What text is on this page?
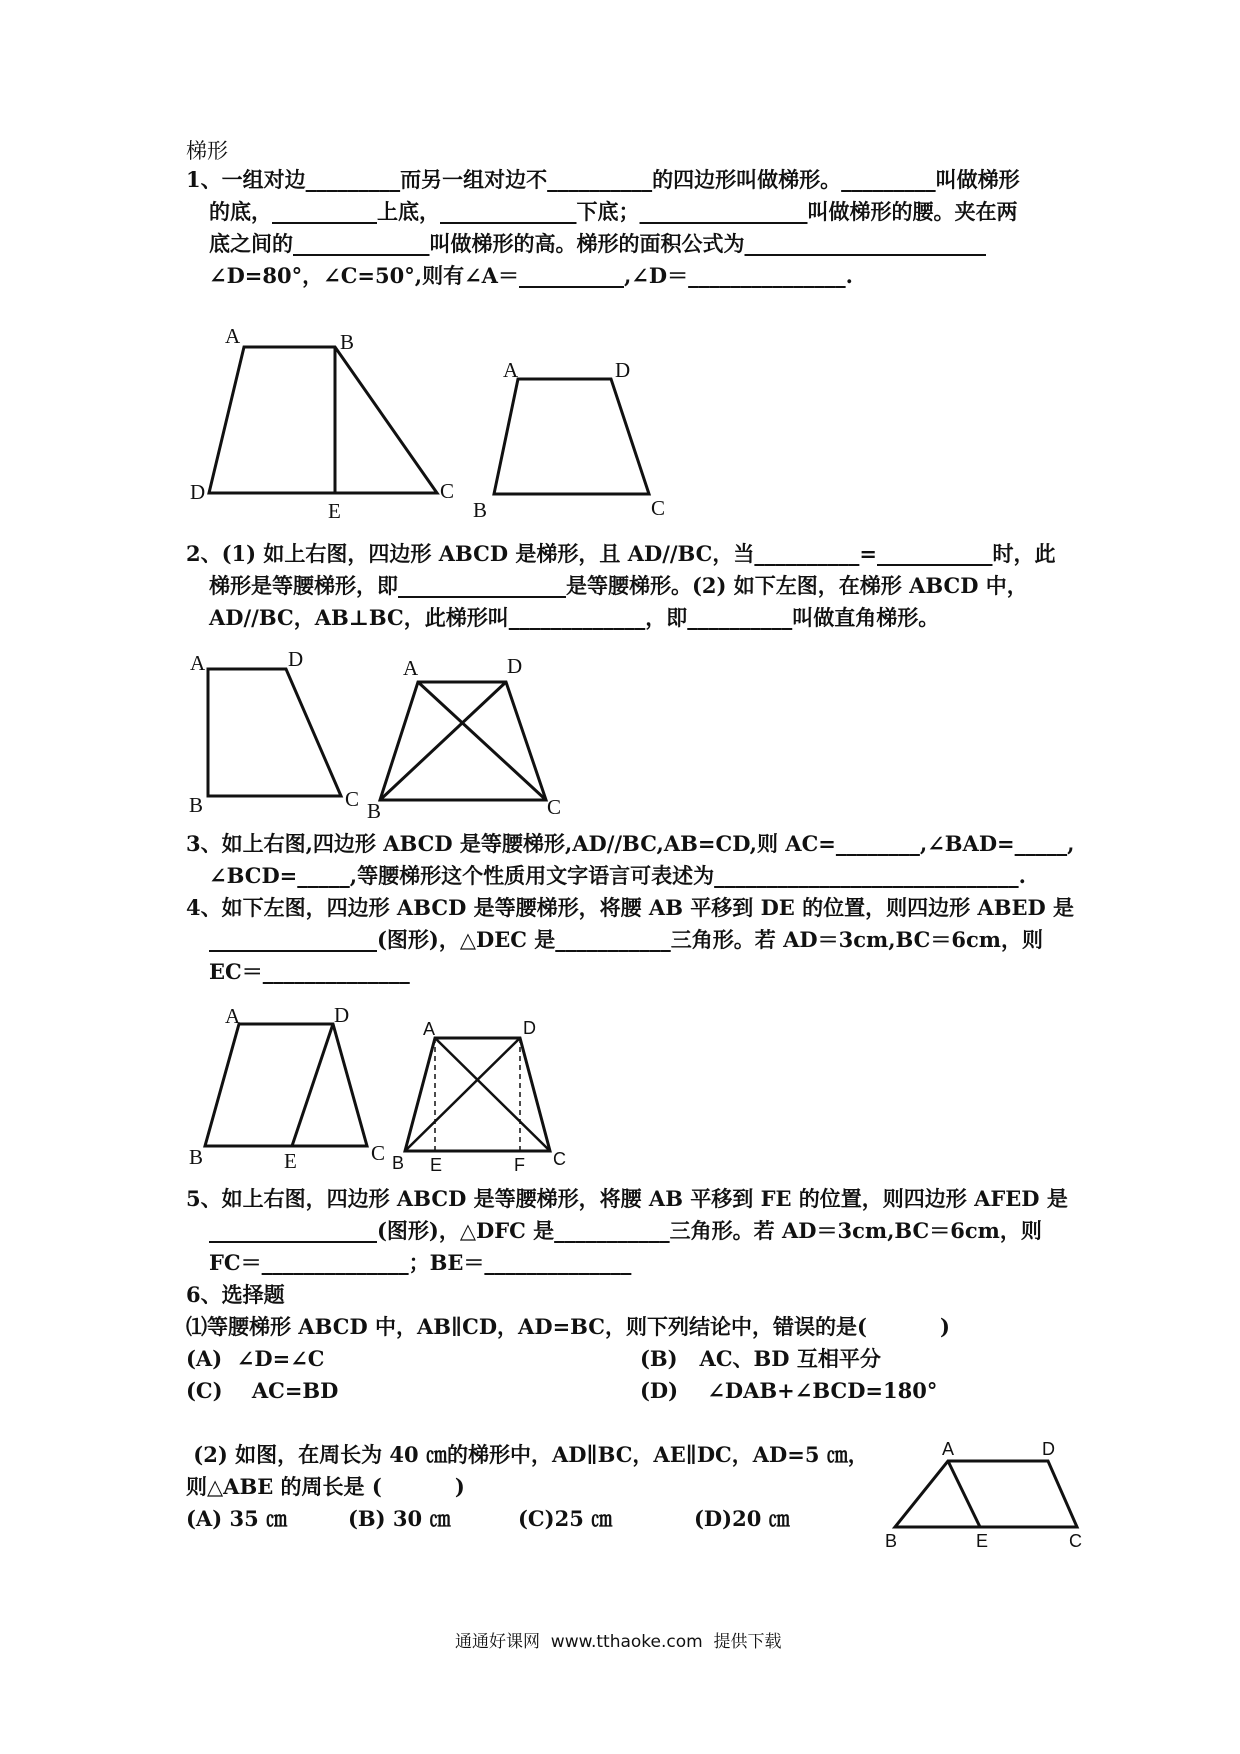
梯形
1、一组对边_________而另一组对边不__________的四边形叫做梯形。_________叫做梯形
的底，__________上底，_____________下底；________________叫做梯形的腰。夹在两
底之间的_____________叫做梯形的高。梯形的面积公式为_______________________
∠D=80°，∠C=50°,则有∠A＝__________,∠D＝_______________.
A	B
C
D
E
A	D
B	C
2、(1) 如上右图，四边形 ABCD 是梯形，且 AD//BC，当__________=___________时，此
梯形是等腰梯形，即________________是等腰梯形。(2) 如下左图，在梯形 ABCD 中，
AD//BC，AB⊥BC，此梯形叫_____________，即__________叫做直角梯形。
A	D
B	C
A	D
B	C
3、如上右图,四边形 ABCD 是等腰梯形,AD//BC,AB=CD,则 AC=________,∠BAD=_____,
∠BCD=_____,等腰梯形这个性质用文字语言可表述为_____________________________.
4、如下左图，四边形 ABCD 是等腰梯形，将腰 AB 平移到 DE 的位置，则四边形 ABED 是
________________(图形)，△DEC 是___________三角形。若 AD＝3cm,BC＝6cm，则
EC＝______________
A	D
B	E	C
A	D
B E	F C
5、如上右图，四边形 ABCD 是等腰梯形，将腰 AB 平移到 FE 的位置，则四边形 AFED 是
________________(图形)，△DFC 是___________三角形。若 AD＝3cm,BC＝6cm，则
FC＝______________；BE＝______________
6、选择题
⑴等腰梯形 ABCD 中，AB∥CD，AD=BC，则下列结论中，错误的是(          )
(A)  ∠D=∠C	(B)   AC、BD 互相平分
(C)    AC=BD	(D)    ∠DAB+∠BCD=180°
(2) 如图，在周长为 40 ㎝的梯形中，AD∥BC，AE∥DC，AD=5 ㎝，
则△ABE 的周长是 (          )
(A) 35 ㎝	(B) 30 ㎝	(C)25 ㎝	(D)20 ㎝
A	D
B	E	C
通通好课网  www.tthaoke.com  提供下载
